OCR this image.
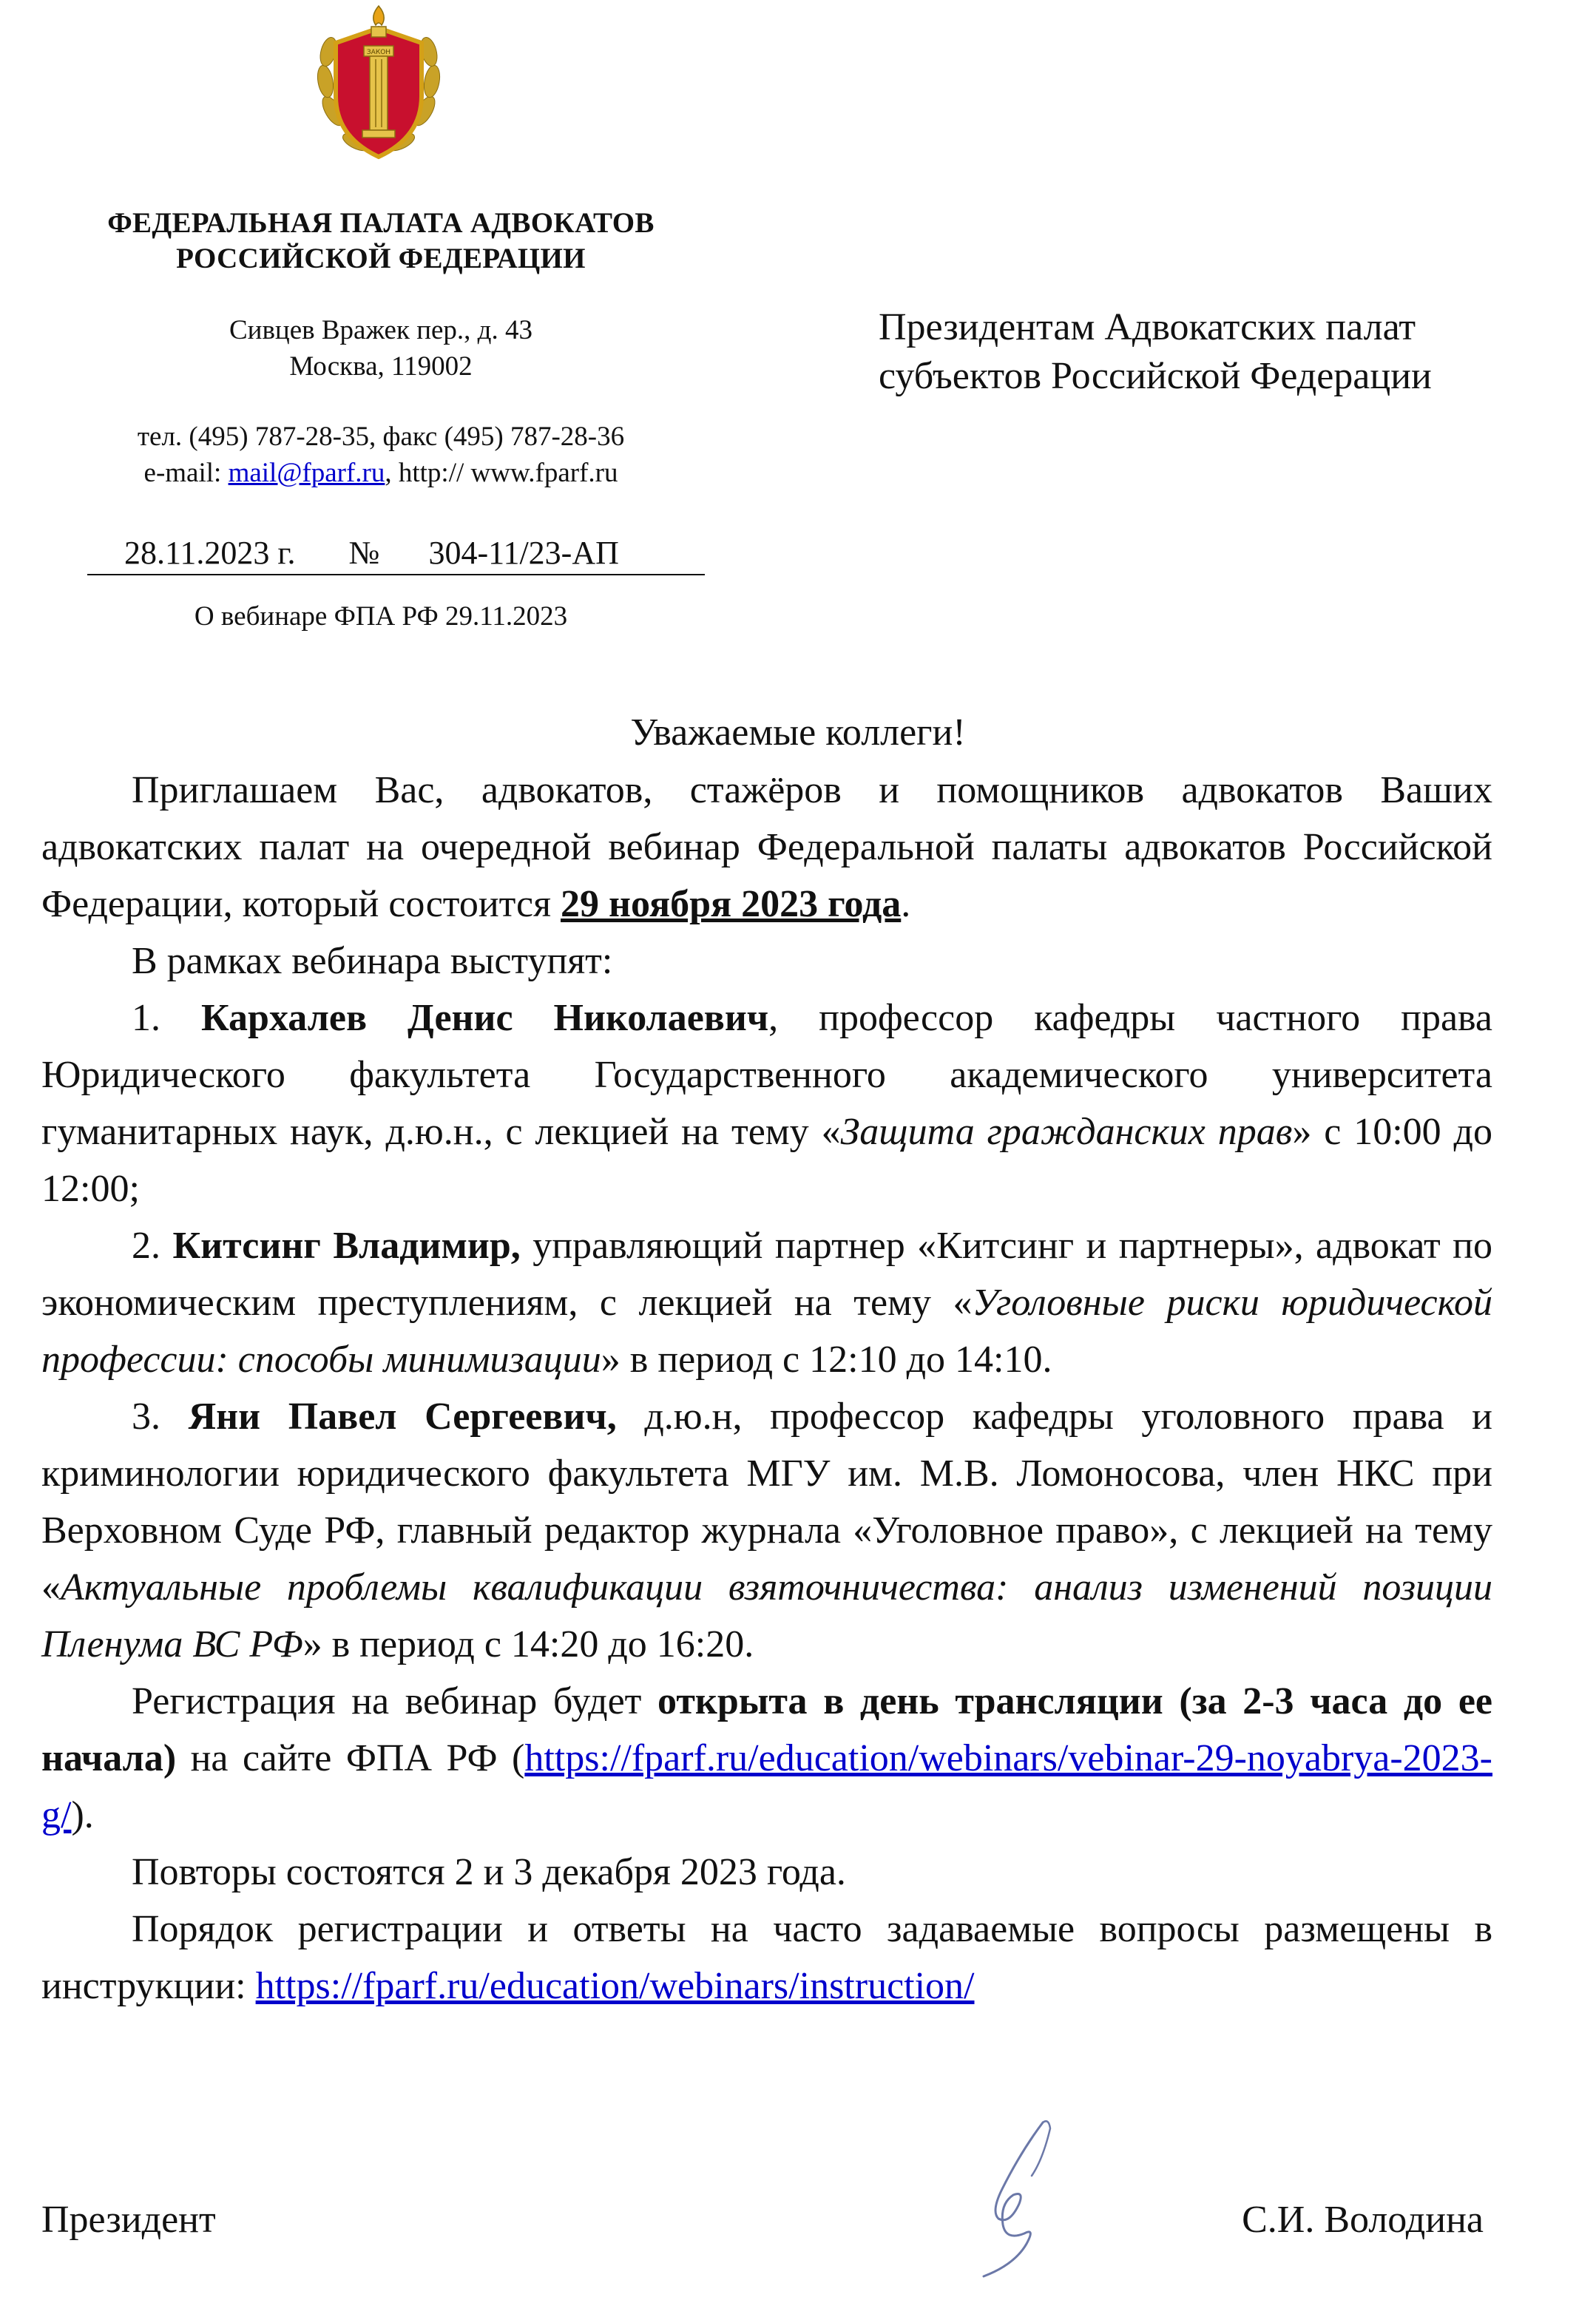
ЗАКОН
ФЕДЕРАЛЬНАЯ ПАЛАТА АДВОКАТОВ
РОССИЙСКОЙ ФЕДЕРАЦИИ
Сивцев Вражек пер., д. 43
Москва, 119002
тел. (495) 787-28-35, факс (495) 787-28-36
e-mail: mail@fparf.ru, http:// www.fparf.ru
28.11.2023 г. № 304-11/23-АП
О вебинаре ФПА РФ 29.11.2023
Президентам Адвокатских палат
субъектов Российской Федерации
Уважаемые коллеги!

Приглашаем Вас, адвокатов, стажёров и помощников адвокатов Ваших адвокатских палат на очередной вебинар Федеральной палаты адвокатов Российской Федерации, который состоится 29 ноября 2023 года.

В рамках вебинара выступят:

1. Кархалев Денис Николаевич, профессор кафедры частного права Юридического факультета Государственного академического университета гуманитарных наук, д.ю.н., с лекцией на тему «Защита гражданских прав» с 10:00 до 12:00;

2. Китсинг Владимир, управляющий партнер «Китсинг и партнеры», адвокат по экономическим преступлениям, с лекцией на тему «Уголовные риски юридической профессии: способы минимизации» в период с 12:10 до 14:10.

3. Яни Павел Сергеевич, д.ю.н, профессор кафедры уголовного права и криминологии юридического факультета МГУ им. М.В. Ломоносова, член НКС при Верховном Суде РФ, главный редактор журнала «Уголовное право», с лекцией на тему «Актуальные проблемы квалификации взяточничества: анализ изменений позиции Пленума ВС РФ» в период с 14:20 до 16:20.

Регистрация на вебинар будет открыта в день трансляции (за 2-3 часа до ее начала) на сайте ФПА РФ (https://fparf.ru/education/webinars/vebinar-29-noyabrya-2023-g/).

Повторы состоятся 2 и 3 декабря 2023 года.

Порядок регистрации и ответы на часто задаваемые вопросы размещены в инструкции: https://fparf.ru/education/webinars/instruction/

Президент	С.И. Володина
